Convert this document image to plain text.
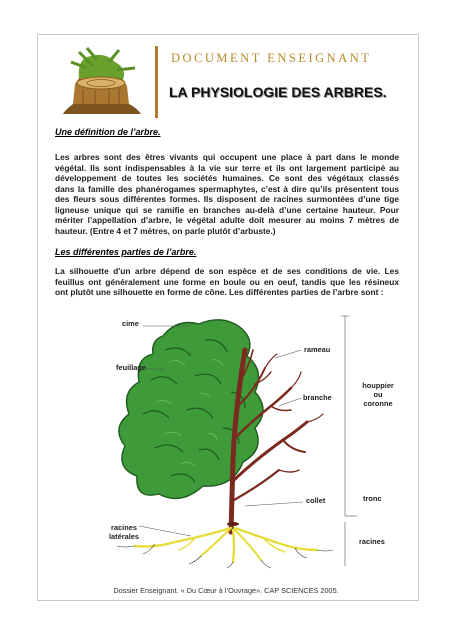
DOCUMENT ENSEIGNANT
LA PHYSIOLOGIE DES ARBRES.
Une définition de l’arbre.
Les arbres sont des êtres vivants qui occupent une place à part dans le monde
végétal. Ils sont indispensables à la vie sur terre et ils ont largement participé au
développement de toutes les sociétés humaines. Ce sont des végétaux classés
dans la famille des phanérogames spermaphytes, c’est à dire qu’ils présentent tous
des fleurs sous différentes formes. Ils disposent de racines surmontées d’une tige
ligneuse unique qui se ramifie en branches au-delà d’une certaine hauteur. Pour
mériter l’appellation d’arbre, le végétal adulte doit mesurer au moins 7 mètres de
hauteur. (Entre 4 et 7 mètres, on parle plutôt d’arbuste.)
Les différentes parties de l’arbre.
La silhouette d'un arbre dépend de son espèce et de ses conditions de vie. Les
feuillus ont généralement une forme en boule ou en oeuf, tandis que les résineux
ont plutôt une silhouette en forme de cône. Les différentes parties de l’arbre sont :
cime
feuillage
rameau
branche
houppier
ou
coronne
collet	tronc
racines
latérales
racines
Dossier Enseignant. « Du Cœur à l’Ouvrage». CAP SCIENCES 2005.
